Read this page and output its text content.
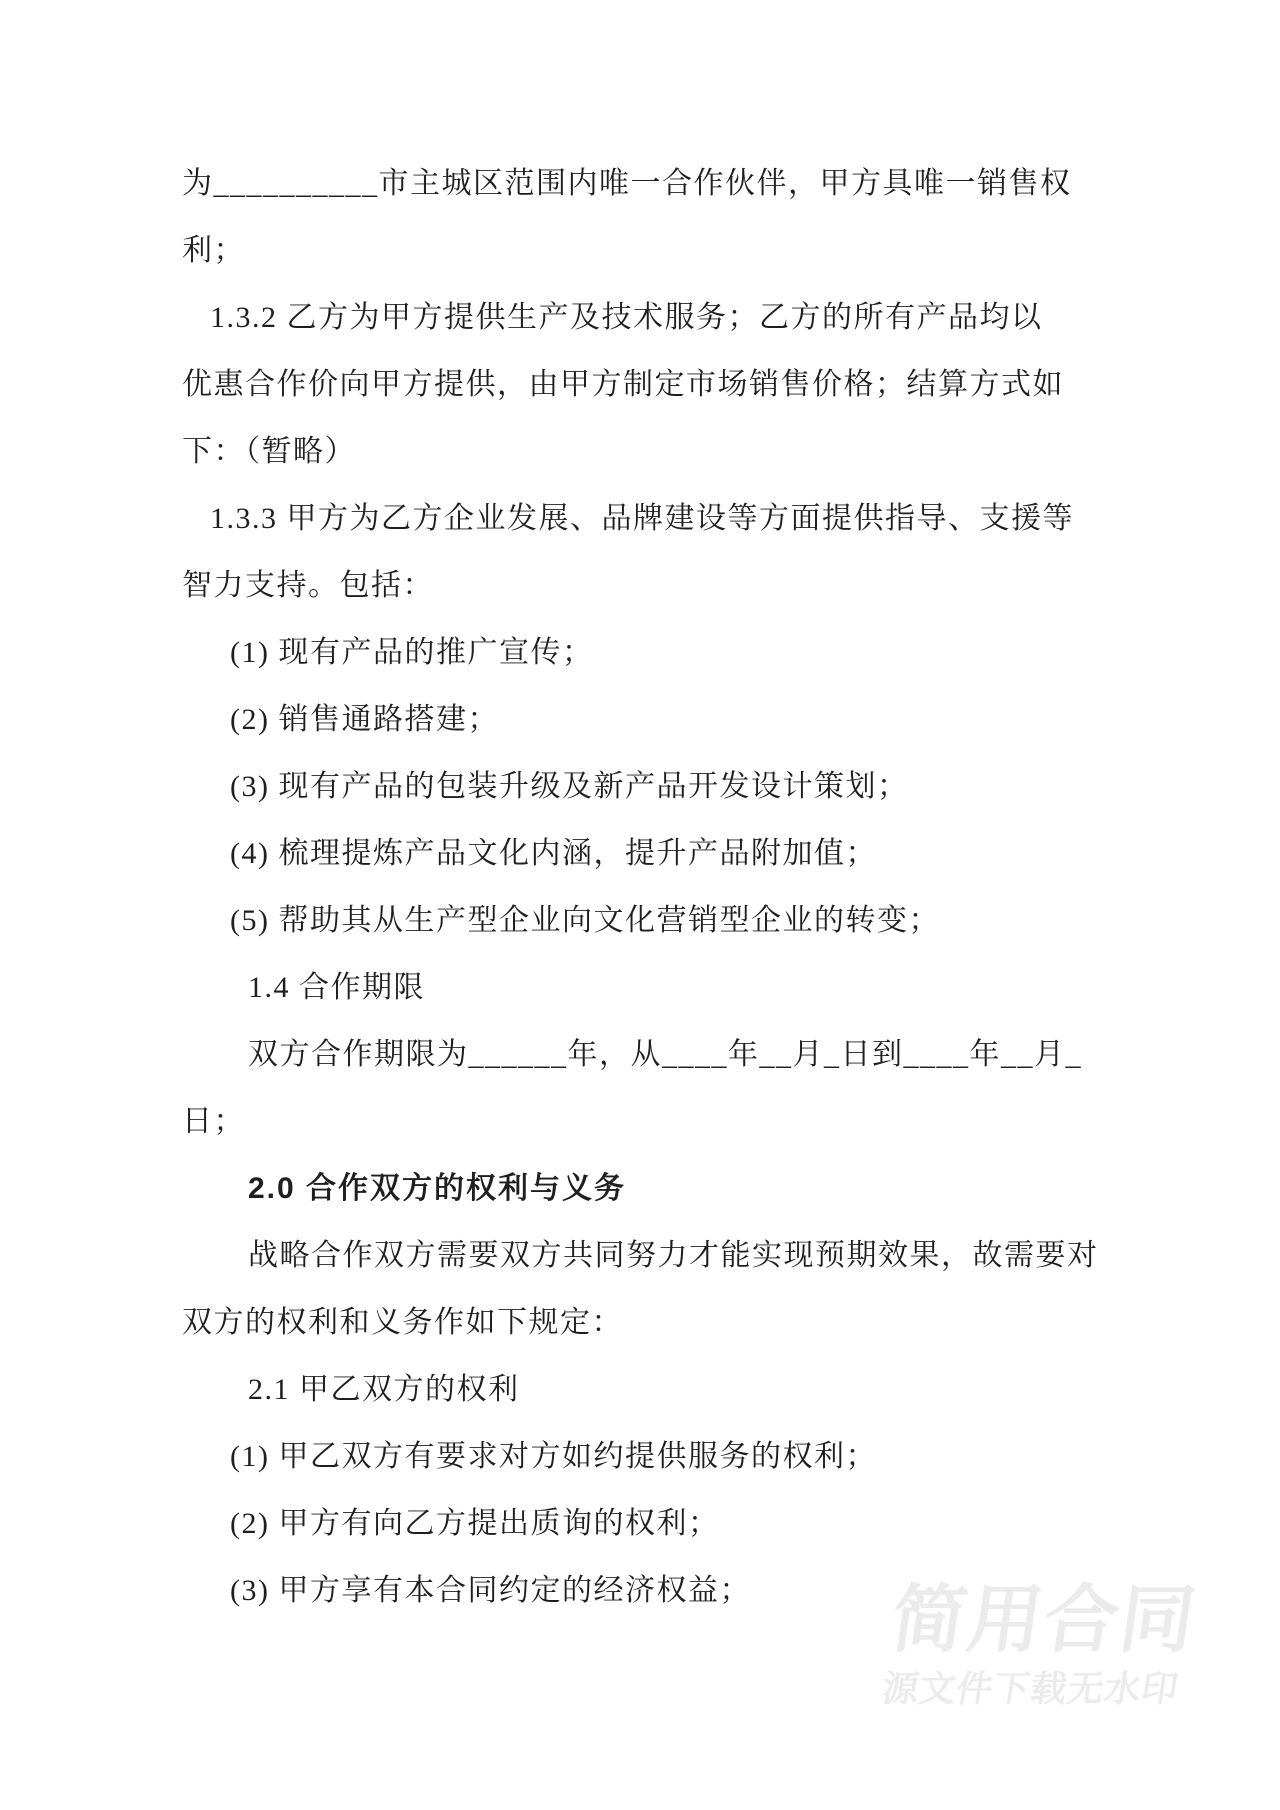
为__________市主城区范围内唯一合作伙伴，甲方具唯一销售权

利；

1.3.2 乙方为甲方提供生产及技术服务；乙方的所有产品均以

优惠合作价向甲方提供，由甲方制定市场销售价格；结算方式如

下：（暂略）

1.3.3 甲方为乙方企业发展、品牌建设等方面提供指导、支援等

智力支持。包括：

(1) 现有产品的推广宣传；

(2) 销售通路搭建；

(3) 现有产品的包装升级及新产品开发设计策划；

(4) 梳理提炼产品文化内涵，提升产品附加值；

(5) 帮助其从生产型企业向文化营销型企业的转变；

1.4 合作期限

双方合作期限为______年，从____年__月_日到____年__月_

日；

2.0 合作双方的权利与义务

战略合作双方需要双方共同努力才能实现预期效果，故需要对

双方的权利和义务作如下规定：

2.1 甲乙双方的权利

(1) 甲乙双方有要求对方如约提供服务的权利；

(2) 甲方有向乙方提出质询的权利；

(3) 甲方享有本合同约定的经济权益；	简用合同
源文件下载无水印
